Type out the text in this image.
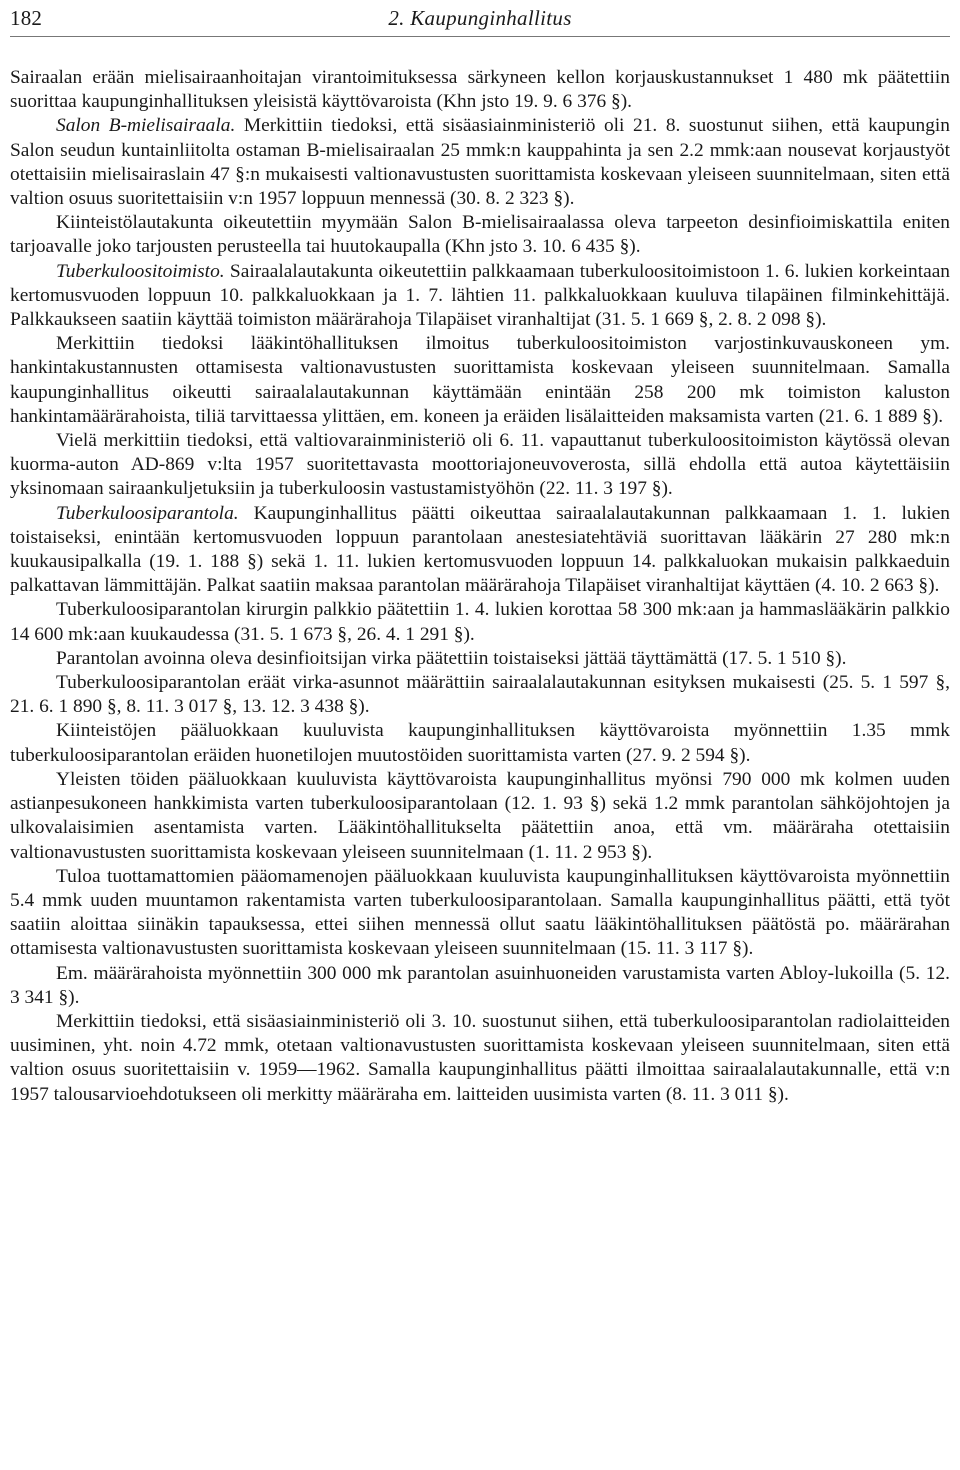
182	2. Kaupunginhallitus

Sairaalan erään mielisairaanhoitajan virantoimituksessa särkyneen kellon korjauskustannukset 1 480 mk päätettiin suorittaa kaupunginhallituksen yleisistä käyttövaroista (Khn jsto 19. 9. 6 376 §).

Salon B-mielisairaala. Merkittiin tiedoksi, että sisäasiainministeriö oli 21. 8. suostunut siihen, että kaupungin Salon seudun kuntainliitolta ostaman B-mielisairaalan 25 mmk:n kauppahinta ja sen 2.2 mmk:aan nousevat korjaustyöt otettaisiin mielisairaslain 47 §:n mukaisesti valtionavustusten suorittamista koskevaan yleiseen suunnitelmaan, siten että valtion osuus suoritettaisiin v:n 1957 loppuun mennessä (30. 8. 2 323 §).

Kiinteistölautakunta oikeutettiin myymään Salon B-mielisairaalassa oleva tarpeeton desinfioimiskattila eniten tarjoavalle joko tarjousten perusteella tai huutokaupalla (Khn jsto 3. 10. 6 435 §).

Tuberkuloositoimisto. Sairaalalautakunta oikeutettiin palkkaamaan tuberkuloositoimistoon 1. 6. lukien korkeintaan kertomusvuoden loppuun 10. palkkaluokkaan ja 1. 7. lähtien 11. palkkaluokkaan kuuluva tilapäinen filminkehittäjä. Palkkaukseen saatiin käyttää toimiston määrärahoja Tilapäiset viranhaltijat (31. 5. 1 669 §, 2. 8. 2 098 §).

Merkittiin tiedoksi lääkintöhallituksen ilmoitus tuberkuloositoimiston varjostinkuvauskoneen ym. hankintakustannusten ottamisesta valtionavustusten suorittamista koskevaan yleiseen suunnitelmaan. Samalla kaupunginhallitus oikeutti sairaalalautakunnan käyttämään enintään 258 200 mk toimiston kaluston hankintamäärärahoista, tiliä tarvittaessa ylittäen, em. koneen ja eräiden lisälaitteiden maksamista varten (21. 6. 1 889 §).

Vielä merkittiin tiedoksi, että valtiovarainministeriö oli 6. 11. vapauttanut tuberkuloositoimiston käytössä olevan kuorma-auton AD-869 v:lta 1957 suoritettavasta moottoriajoneuvoverosta, sillä ehdolla että autoa käytettäisiin yksinomaan sairaankuljetuksiin ja tuberkuloosin vastustamistyöhön (22. 11. 3 197 §).

Tuberkuloosiparantola. Kaupunginhallitus päätti oikeuttaa sairaalalautakunnan palkkaamaan 1. 1. lukien toistaiseksi, enintään kertomusvuoden loppuun parantolaan anestesiatehtäviä suorittavan lääkärin 27 280 mk:n kuukausipalkalla (19. 1. 188 §) sekä 1. 11. lukien kertomusvuoden loppuun 14. palkkaluokan mukaisin palkkaeduin palkattavan lämmittäjän. Palkat saatiin maksaa parantolan määrärahoja Tilapäiset viranhaltijat käyttäen (4. 10. 2 663 §).

Tuberkuloosiparantolan kirurgin palkkio päätettiin 1. 4. lukien korottaa 58 300 mk:aan ja hammaslääkärin palkkio 14 600 mk:aan kuukaudessa (31. 5. 1 673 §, 26. 4. 1 291 §).

Parantolan avoinna oleva desinfioitsijan virka päätettiin toistaiseksi jättää täyttämättä (17. 5. 1 510 §).

Tuberkuloosiparantolan eräät virka-asunnot määrättiin sairaalalautakunnan esityksen mukaisesti (25. 5. 1 597 §, 21. 6. 1 890 §, 8. 11. 3 017 §, 13. 12. 3 438 §).

Kiinteistöjen pääluokkaan kuuluvista kaupunginhallituksen käyttövaroista myönnettiin 1.35 mmk tuberkuloosiparantolan eräiden huonetilojen muutostöiden suorittamista varten (27. 9. 2 594 §).

Yleisten töiden pääluokkaan kuuluvista käyttövaroista kaupunginhallitus myönsi 790 000 mk kolmen uuden astianpesukoneen hankkimista varten tuberkuloosiparantolaan (12. 1. 93 §) sekä 1.2 mmk parantolan sähköjohtojen ja ulkovalaisimien asentamista varten. Lääkintöhallitukselta päätettiin anoa, että vm. määräraha otettaisiin valtionavustusten suorittamista koskevaan yleiseen suunnitelmaan (1. 11. 2 953 §).

Tuloa tuottamattomien pääomamenojen pääluokkaan kuuluvista kaupunginhallituksen käyttövaroista myönnettiin 5.4 mmk uuden muuntamon rakentamista varten tuberkuloosiparantolaan. Samalla kaupunginhallitus päätti, että työt saatiin aloittaa siinäkin tapauksessa, ettei siihen mennessä ollut saatu lääkintöhallituksen päätöstä po. määrärahan ottamisesta valtionavustusten suorittamista koskevaan yleiseen suunnitelmaan (15. 11. 3 117 §).

Em. määrärahoista myönnettiin 300 000 mk parantolan asuinhuoneiden varustamista varten Abloy-lukoilla (5. 12. 3 341 §).

Merkittiin tiedoksi, että sisäasiainministeriö oli 3. 10. suostunut siihen, että tuberkuloosiparantolan radiolaitteiden uusiminen, yht. noin 4.72 mmk, otetaan valtionavustusten suorittamista koskevaan yleiseen suunnitelmaan, siten että valtion osuus suoritettaisiin v. 1959—1962. Samalla kaupunginhallitus päätti ilmoittaa sairaalalautakunnalle, että v:n 1957 talousarvioehdotukseen oli merkitty määräraha em. laitteiden uusimista varten (8. 11. 3 011 §).
